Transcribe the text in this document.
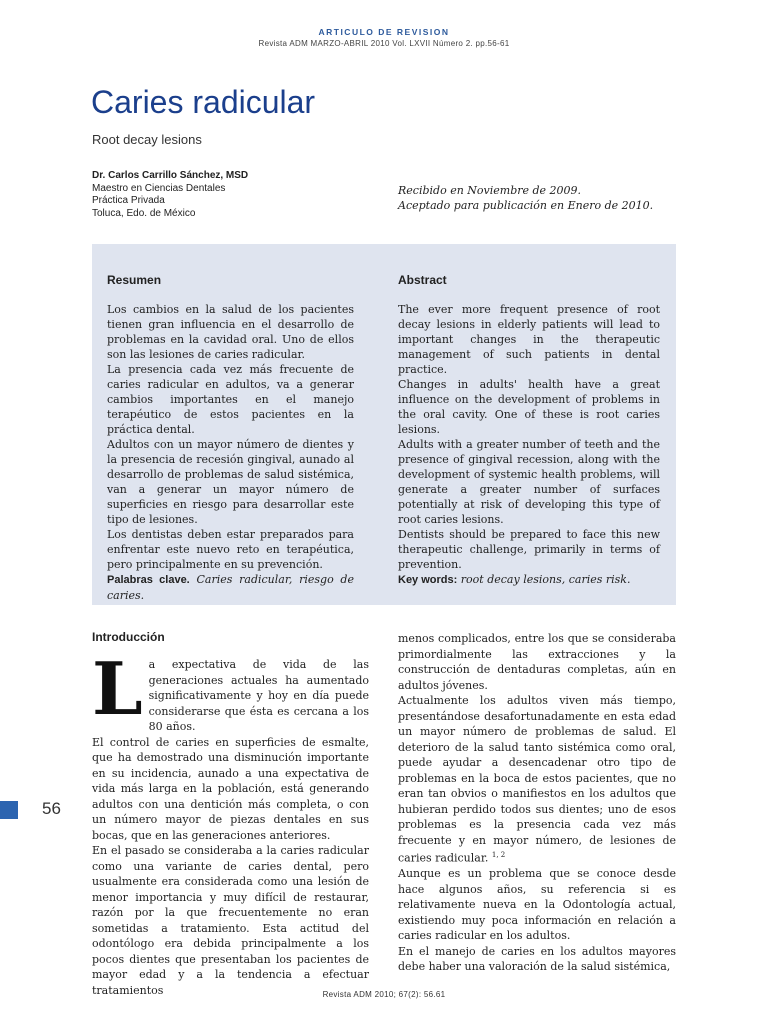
ARTICULO DE REVISION
Revista ADM MARZO-ABRIL 2010 Vol. LXVII Número 2. pp.56-61
Caries radicular
Root decay lesions
Dr. Carlos Carrillo Sánchez, MSD
Maestro en Ciencias Dentales
Práctica Privada
Toluca, Edo. de México
Recibido en Noviembre de 2009.
Aceptado para publicación en Enero de 2010.
Resumen

Los cambios en la salud de los pacientes tienen gran influencia en el desarrollo de problemas en la cavidad oral. Uno de ellos son las lesiones de caries radicular.

La presencia cada vez más frecuente de caries radicular en adultos, va a generar cambios importantes en el manejo terapéutico de estos pacientes en la práctica dental.

Adultos con un mayor número de dientes y la presencia de recesión gingival, aunado al desarrollo de problemas de salud sistémica, van a generar un mayor número de superficies en riesgo para desarrollar este tipo de lesiones.

Los dentistas deben estar preparados para enfrentar este nuevo reto en terapéutica, pero principalmente en su prevención.

Palabras clave. Caries radicular, riesgo de caries.

Abstract

The ever more frequent presence of root decay lesions in elderly patients will lead to important changes in the therapeutic management of such patients in dental practice.

Changes in adults' health have a great influence on the development of problems in the oral cavity. One of these is root caries lesions.

Adults with a greater number of teeth and the presence of gingival recession, along with the development of systemic health problems, will generate a greater number of surfaces potentially at risk of developing this type of root caries lesions.

Dentists should be prepared to face this new therapeutic challenge, primarily in terms of prevention.

Key words: root decay lesions, caries risk.

Introducción

La expectativa de vida de las generaciones actuales ha aumentado significativamente y hoy en día puede considerarse que ésta es cercana a los 80 años.

El control de caries en superficies de esmalte, que ha demostrado una disminución importante en su incidencia, aunado a una expectativa de vida más larga en la población, está generando adultos con una dentición más completa, o con un número mayor de piezas dentales en sus bocas, que en las generaciones anteriores.

En el pasado se consideraba a la caries radicular como una variante de caries dental, pero usualmente era considerada como una lesión de menor importancia y muy difícil de restaurar, razón por la que frecuentemente no eran sometidas a tratamiento. Esta actitud del odontólogo era debida principalmente a los pocos dientes que presentaban los pacientes de mayor edad y a la tendencia a efectuar tratamientos

menos complicados, entre los que se consideraba primordialmente las extracciones y la construcción de dentaduras completas, aún en adultos jóvenes.

Actualmente los adultos viven más tiempo, presentándose desafortunadamente en esta edad un mayor número de problemas de salud. El deterioro de la salud tanto sistémica como oral, puede ayudar a desencadenar otro tipo de problemas en la boca de estos pacientes, que no eran tan obvios o manifiestos en los adultos que hubieran perdido todos sus dientes; uno de esos problemas es la presencia cada vez más frecuente y en mayor número, de lesiones de caries radicular. $^{1, 2}$

Aunque es un problema que se conoce desde hace algunos años, su referencia si es relativamente nueva en la Odontología actual, existiendo muy poca información en relación a caries radicular en los adultos.

En el manejo de caries en los adultos mayores debe haber una valoración de la salud sistémica,

56
Revista ADM 2010; 67(2): 56.61
